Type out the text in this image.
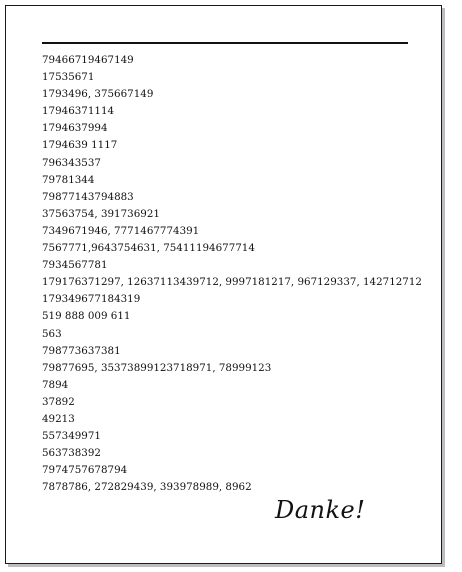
79466719467149
17535671
1793496, 375667149
17946371114
1794637994
1794639 1117
796343537
79781344
79877143794883
37563754, 391736921
7349671946, 7771467774391
7567771,9643754631, 75411194677714
7934567781
179176371297, 12637113439712, 9997181217, 967129337, 142712712
179349677184319
519 888 009 611
563
798773637381
79877695, 35373899123718971, 78999123
7894
37892
49213
557349971
563738392
7974757678794
7878786, 272829439, 393978989, 8962
Danke!
